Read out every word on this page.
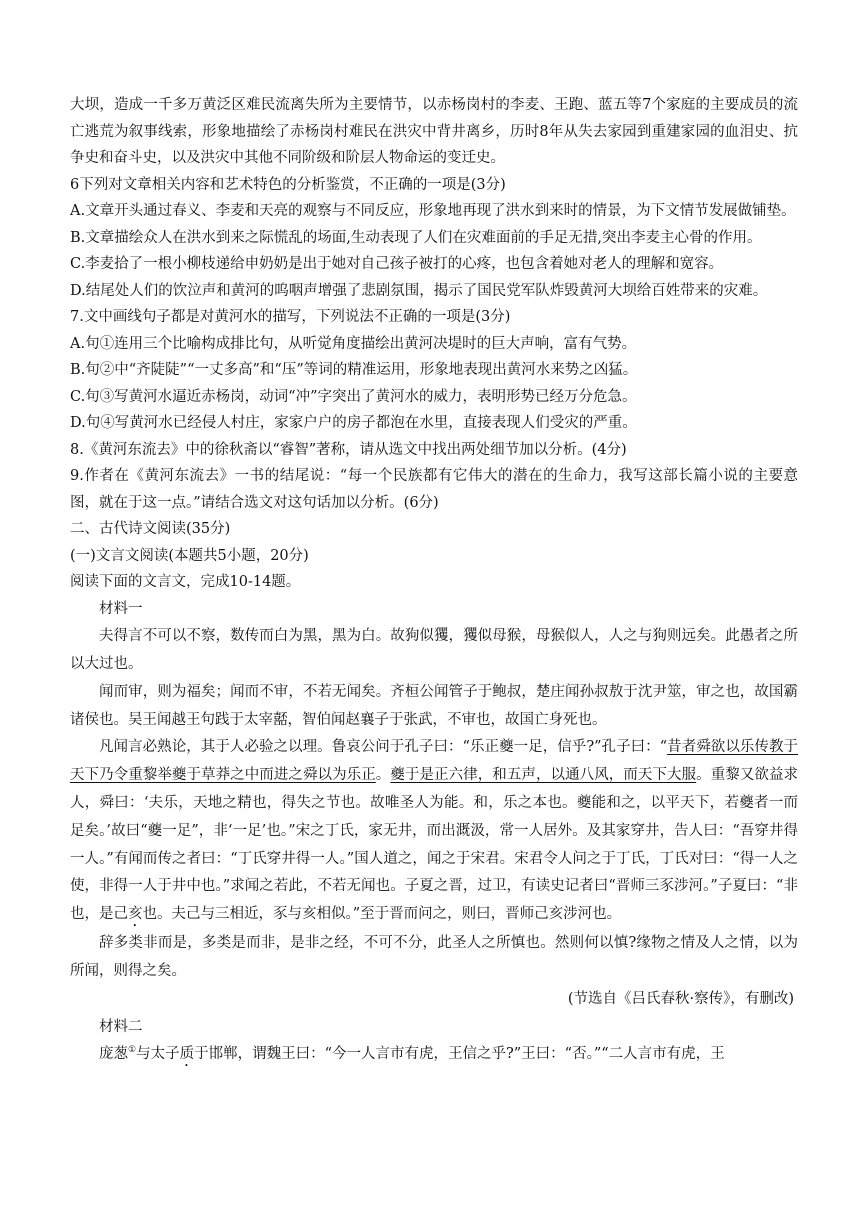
大坝，造成一千多万黄泛区难民流离失所为主要情节，以赤杨岗村的李麦、王跑、蓝五等7个家庭的主要成员的流亡逃荒为叙事线索，形象地描绘了赤杨岗村难民在洪灾中背井离乡，历时8年从失去家园到重建家园的血泪史、抗争史和奋斗史，以及洪灾中其他不同阶级和阶层人物命运的变迁史。

6下列对文章相关内容和艺术特色的分析鉴赏，不正确的一项是(3分)

A.文章开头通过春义、李麦和天亮的观察与不同反应，形象地再现了洪水到来时的情景，为下文情节发展做铺垫。

B.文章描绘众人在洪水到来之际慌乱的场面,生动表现了人们在灾难面前的手足无措,突出李麦主心骨的作用。

C.李麦拾了一根小柳枝递给申奶奶是出于她对自己孩子被打的心疼，也包含着她对老人的理解和宽容。

D.结尾处人们的饮泣声和黄河的呜咽声增强了悲剧氛围，揭示了国民党军队炸毁黄河大坝给百姓带来的灾难。

7.文中画线句子都是对黄河水的描写，下列说法不正确的一项是(3分)

A.句①连用三个比喻构成排比句，从听觉角度描绘出黄河决堤时的巨大声响，富有气势。

B.句②中“齐陡陡”“一丈多高”和“压”等词的精准运用，形象地表现出黄河水来势之凶猛。

C.句③写黄河水逼近赤杨岗，动词“冲”字突出了黄河水的威力，表明形势已经万分危急。

D.句④写黄河水已经侵人村庄，家家户户的房子都泡在水里，直接表现人们受灾的严重。

8.《黄河东流去》中的徐秋斋以“睿智”著称，请从选文中找出两处细节加以分析。(4分)

9.作者在《黄河东流去》一书的结尾说：“每一个民族都有它伟大的潜在的生命力，我写这部长篇小说的主要意图，就在于这一点。”请结合选文对这句话加以分析。(6分)

二、古代诗文阅读(35分)

(一)文言文阅读(本题共5小题，20分)

阅读下面的文言文，完成10-14题。

材料一

夫得言不可以不察，数传而白为黑，黑为白。故狗似玃，玃似母猴，母猴似人，人之与狗则远矣。此愚者之所以大过也。

闻而审，则为福矣；闻而不审，不若无闻矣。齐桓公闻管子于鲍叔，楚庄闻孙叔敖于沈尹筮，审之也，故国霸诸侯也。吴王闻越王句践于太宰嚭，智伯闻赵襄子于张武，不审也，故国亡身死也。

凡闻言必熟论，其于人必验之以理。鲁哀公问于孔子曰：“乐正夔一足，信乎?”孔子曰：“昔者舜欲以乐传教于天下乃令重黎举夔于草莽之中而进之舜以为乐正。夔于是正六律，和五声，以通八风，而天下大服。重黎又欲益求人，舜曰：‘夫乐，天地之精也，得失之节也。故唯圣人为能。和，乐之本也。夔能和之，以平天下，若夔者一而足矣。’故曰“夔一足”，非‘一足’也。”宋之丁氏，家无井，而出溉汲，常一人居外。及其家穿井，告人曰：“吾穿井得一人。”有闻而传之者曰：“丁氏穿井得一人。”国人道之，闻之于宋君。宋君令人问之于丁氏，丁氏对曰：“得一人之使，非得一人于井中也。”求闻之若此，不若无闻也。子夏之晋，过卫，有读史记者曰“晋师三豕涉河。”子夏曰：“非也，是己亥也。夫己与三相近，豕与亥相似。”至于晋而问之，则曰，晋师己亥涉河也。

辞多类非而是，多类是而非，是非之经，不可不分，此圣人之所慎也。然则何以慎?缘物之情及人之情，以为所闻，则得之矣。

(节选自《吕氏春秋·察传》，有删改)

材料二

庞葱①与太子质于邯郸，谓魏王曰：“今一人言市有虎，王信之乎?”王曰：“否。”“二人言市有虎，王
